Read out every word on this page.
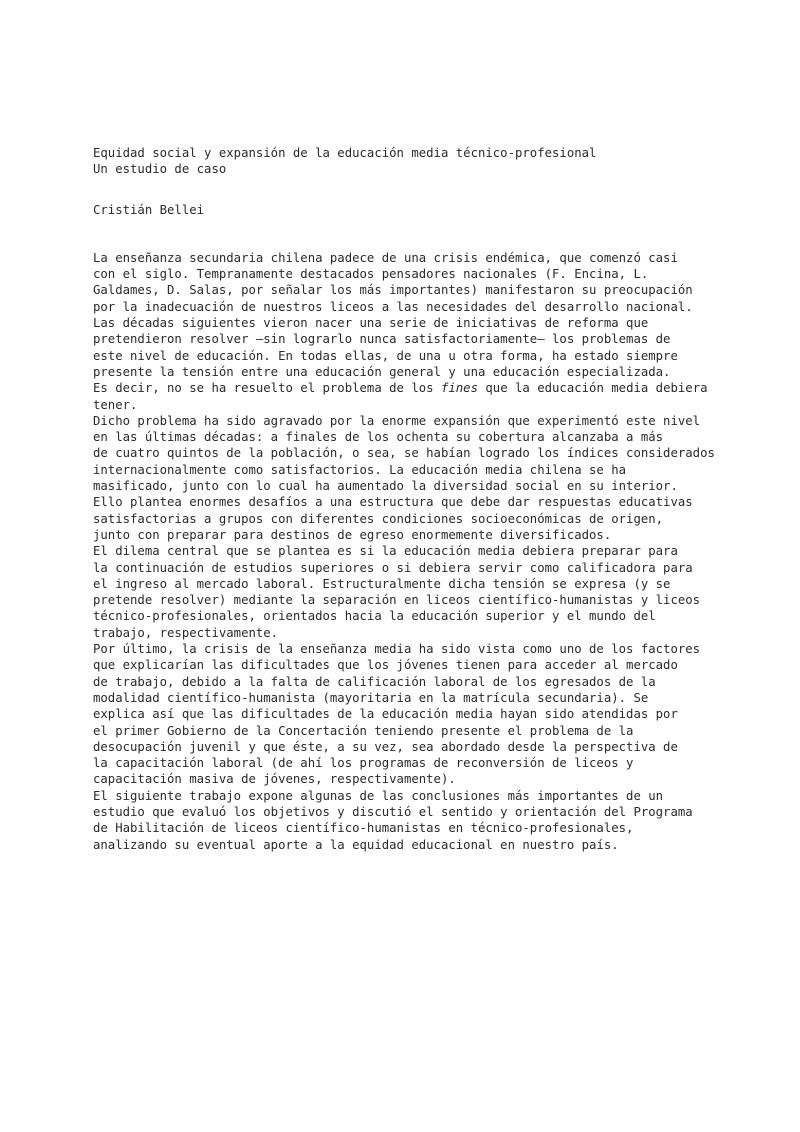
Equidad social y expansión de la educación media técnico-profesional
Un estudio de caso
Cristián Bellei
La enseñanza secundaria chilena padece de una crisis endémica, que comenzó casi
con el siglo. Tempranamente destacados pensadores nacionales (F. Encina, L.
Galdames, D. Salas, por señalar los más importantes) manifestaron su preocupación
por la inadecuación de nuestros liceos a las necesidades del desarrollo nacional.
Las décadas siguientes vieron nacer una serie de iniciativas de reforma que
pretendieron resolver —sin lograrlo nunca satisfactoriamente— los problemas de
este nivel de educación. En todas ellas, de una u otra forma, ha estado siempre
presente la tensión entre una educación general y una educación especializada.
Es decir, no se ha resuelto el problema de los fines que la educación media debiera
tener.
Dicho problema ha sido agravado por la enorme expansión que experimentó este nivel
en las últimas décadas: a finales de los ochenta su cobertura alcanzaba a más
de cuatro quintos de la población, o sea, se habían logrado los índices considerados
internacionalmente como satisfactorios. La educación media chilena se ha
masificado, junto con lo cual ha aumentado la diversidad social en su interior.
Ello plantea enormes desafíos a una estructura que debe dar respuestas educativas
satisfactorias a grupos con diferentes condiciones socioeconómicas de origen,
junto con preparar para destinos de egreso enormemente diversificados.
El dilema central que se plantea es si la educación media debiera preparar para
la continuación de estudios superiores o si debiera servir como calificadora para
el ingreso al mercado laboral. Estructuralmente dicha tensión se expresa (y se
pretende resolver) mediante la separación en liceos científico-humanistas y liceos
técnico-profesionales, orientados hacia la educación superior y el mundo del
trabajo, respectivamente.
Por último, la crisis de la enseñanza media ha sido vista como uno de los factores
que explicarían las dificultades que los jóvenes tienen para acceder al mercado
de trabajo, debido a la falta de calificación laboral de los egresados de la
modalidad científico-humanista (mayoritaria en la matrícula secundaria). Se
explica así que las dificultades de la educación media hayan sido atendidas por
el primer Gobierno de la Concertación teniendo presente el problema de la
desocupación juvenil y que éste, a su vez, sea abordado desde la perspectiva de
la capacitación laboral (de ahí los programas de reconversión de liceos y
capacitación masiva de jóvenes, respectivamente).
El siguiente trabajo expone algunas de las conclusiones más importantes de un
estudio que evaluó los objetivos y discutió el sentido y orientación del Programa
de Habilitación de liceos científico-humanistas en técnico-profesionales,
analizando su eventual aporte a la equidad educacional en nuestro país.
